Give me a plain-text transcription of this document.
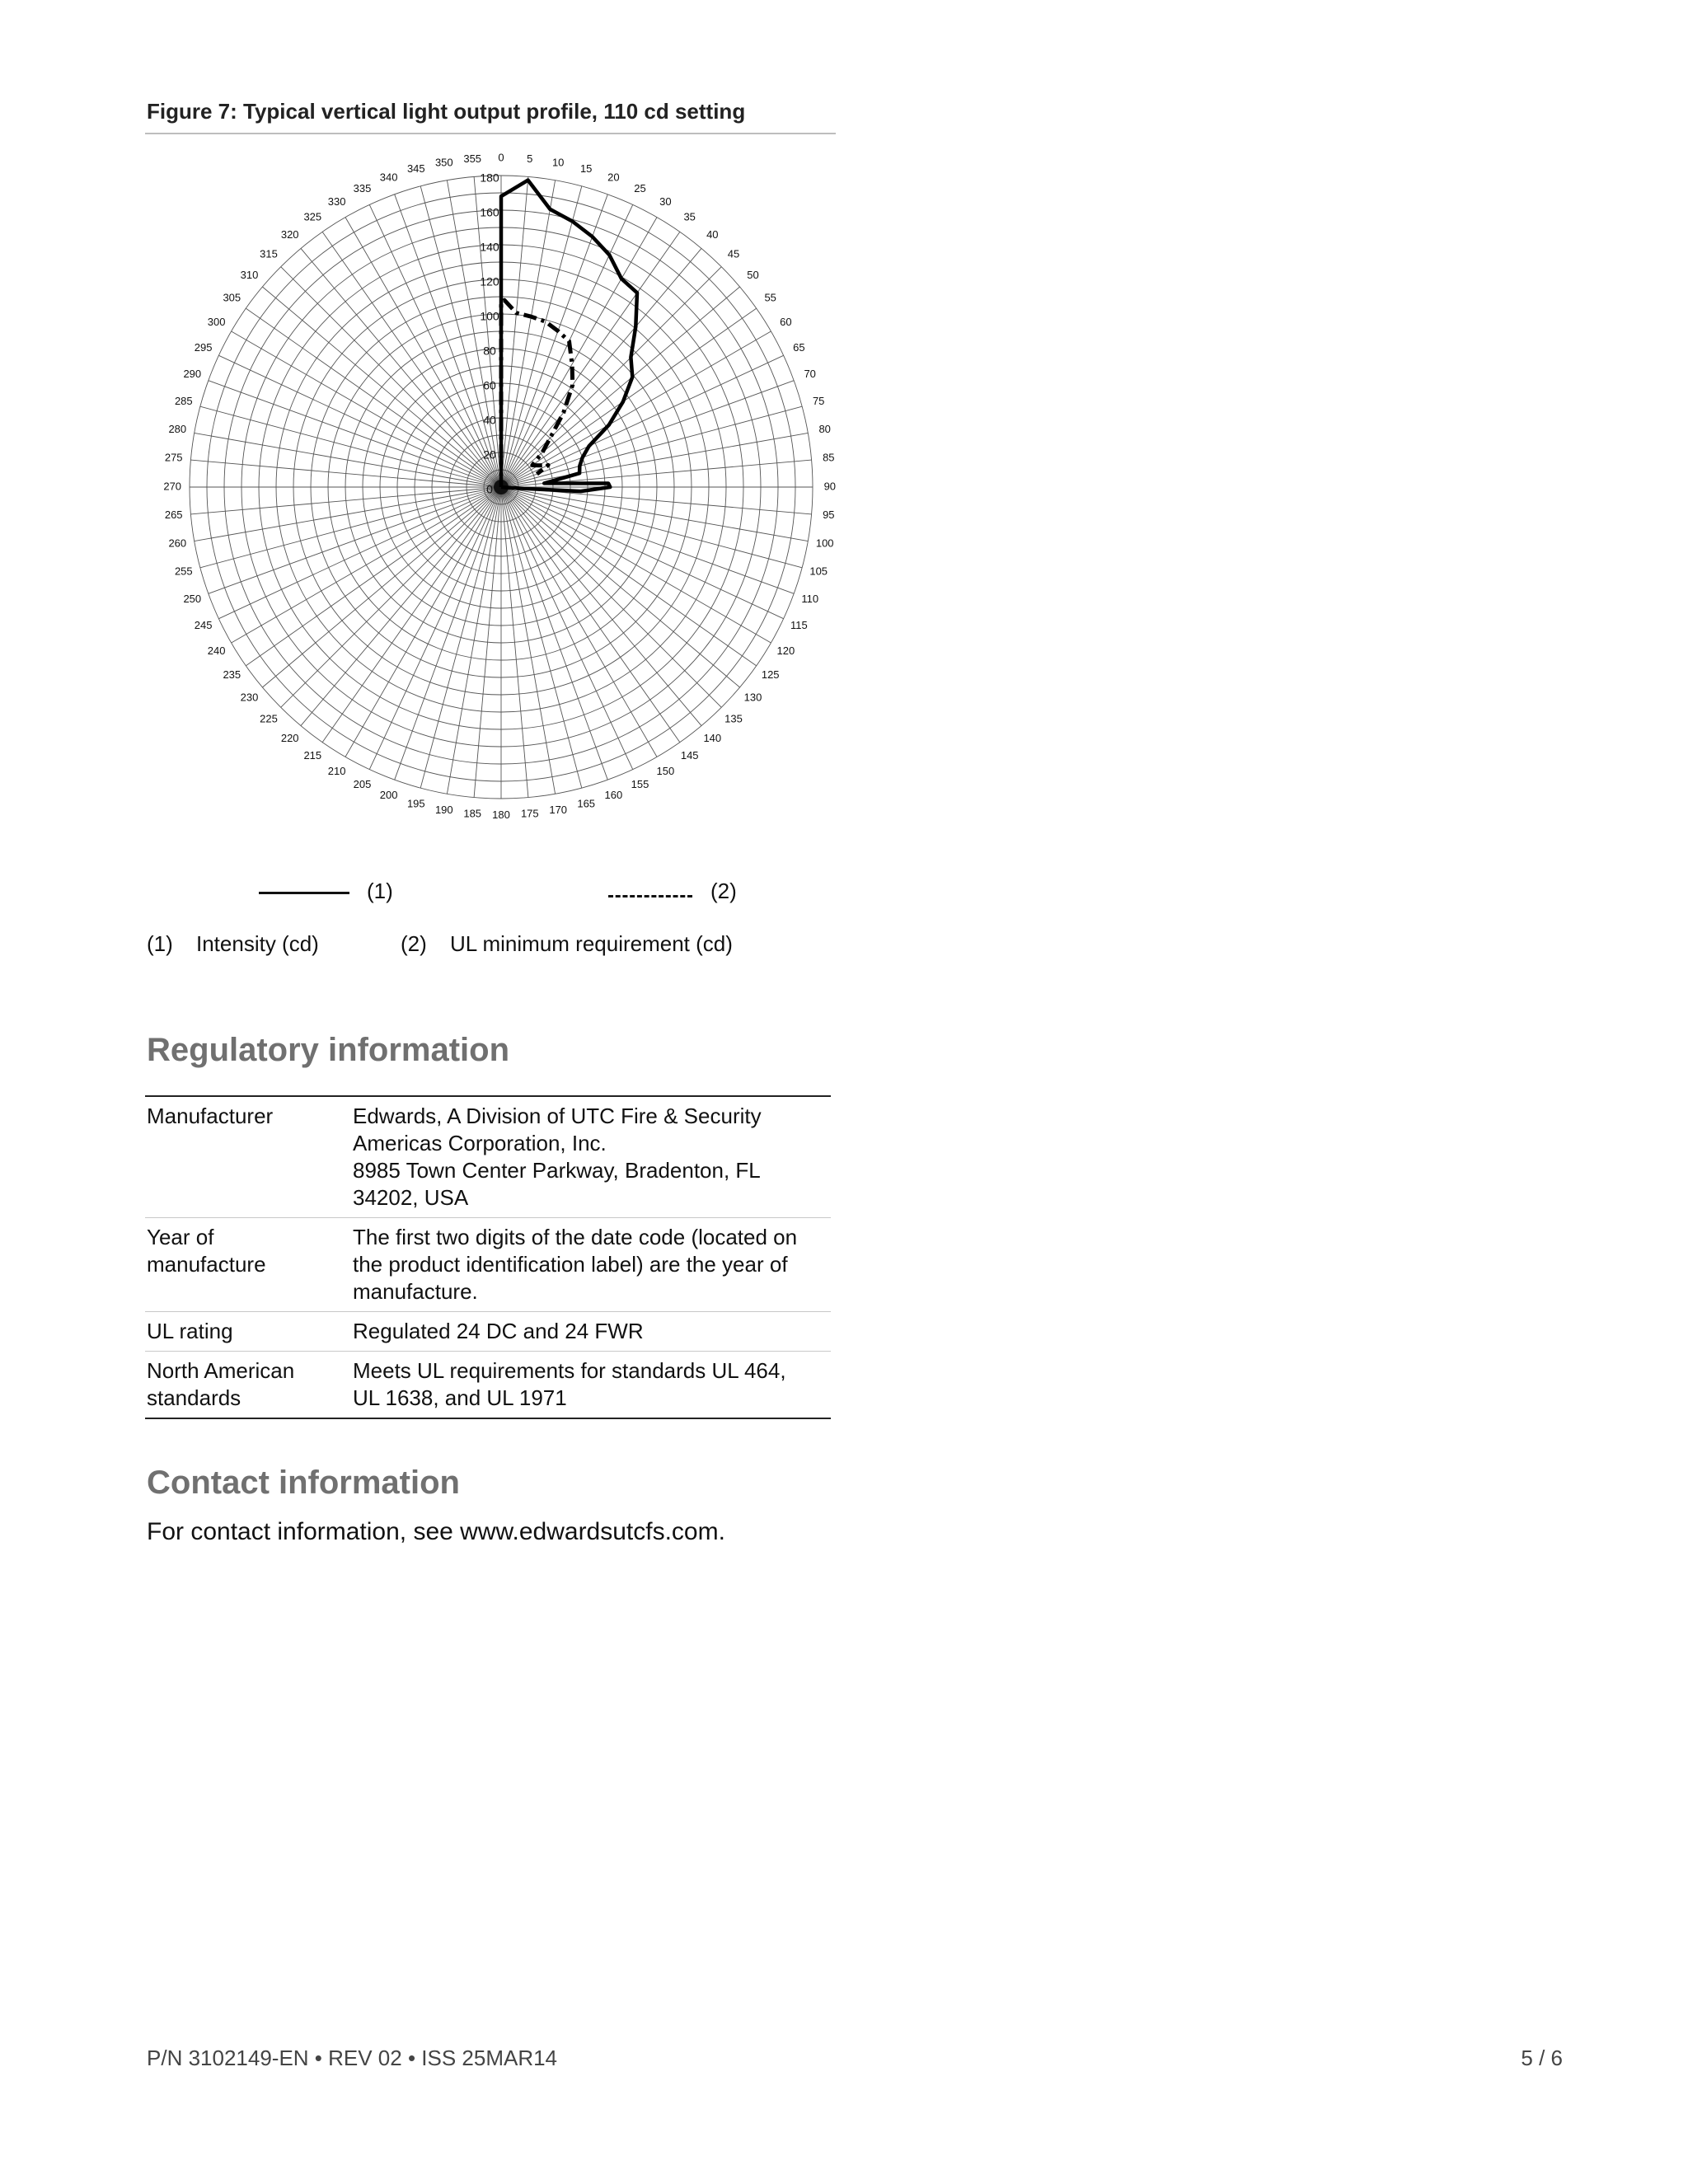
Figure 7: Typical vertical light output profile, 110 cd setting
0 5 10 15
20
25
30
35
40
45
50
55
60
65
70
75
80
85
90
95
100
105
110
115
120
125
130
135
140
145
150
155
160
165
170
175
180
185
190
195
200
205
210
215
220
225
230
235
240
245
250
255
260
265
270
275
280
285
290
295
300
305
310
315
320
325
330
335
340
345 350 355
0
20
40
60
80
100
120
140
160
180
(1)	(2)
(1) Intensity (cd)	(2) UL minimum requirement (cd)
Regulatory information
Manufacturer	Edwards, A Division of UTC Fire & Security
Americas Corporation, Inc.
8985 Town Center Parkway, Bradenton, FL
34202, USA
Year of
manufacture	The first two digits of the date code (located on
the product identification label) are the year of
manufacture.
UL rating	Regulated 24 DC and 24 FWR
North American
standards	Meets UL requirements for standards UL 464,
UL 1638, and UL 1971
Contact information
For contact information, see www.edwardsutcfs.com.
P/N 3102149-EN • REV 02 • ISS 25MAR14	5 / 6
